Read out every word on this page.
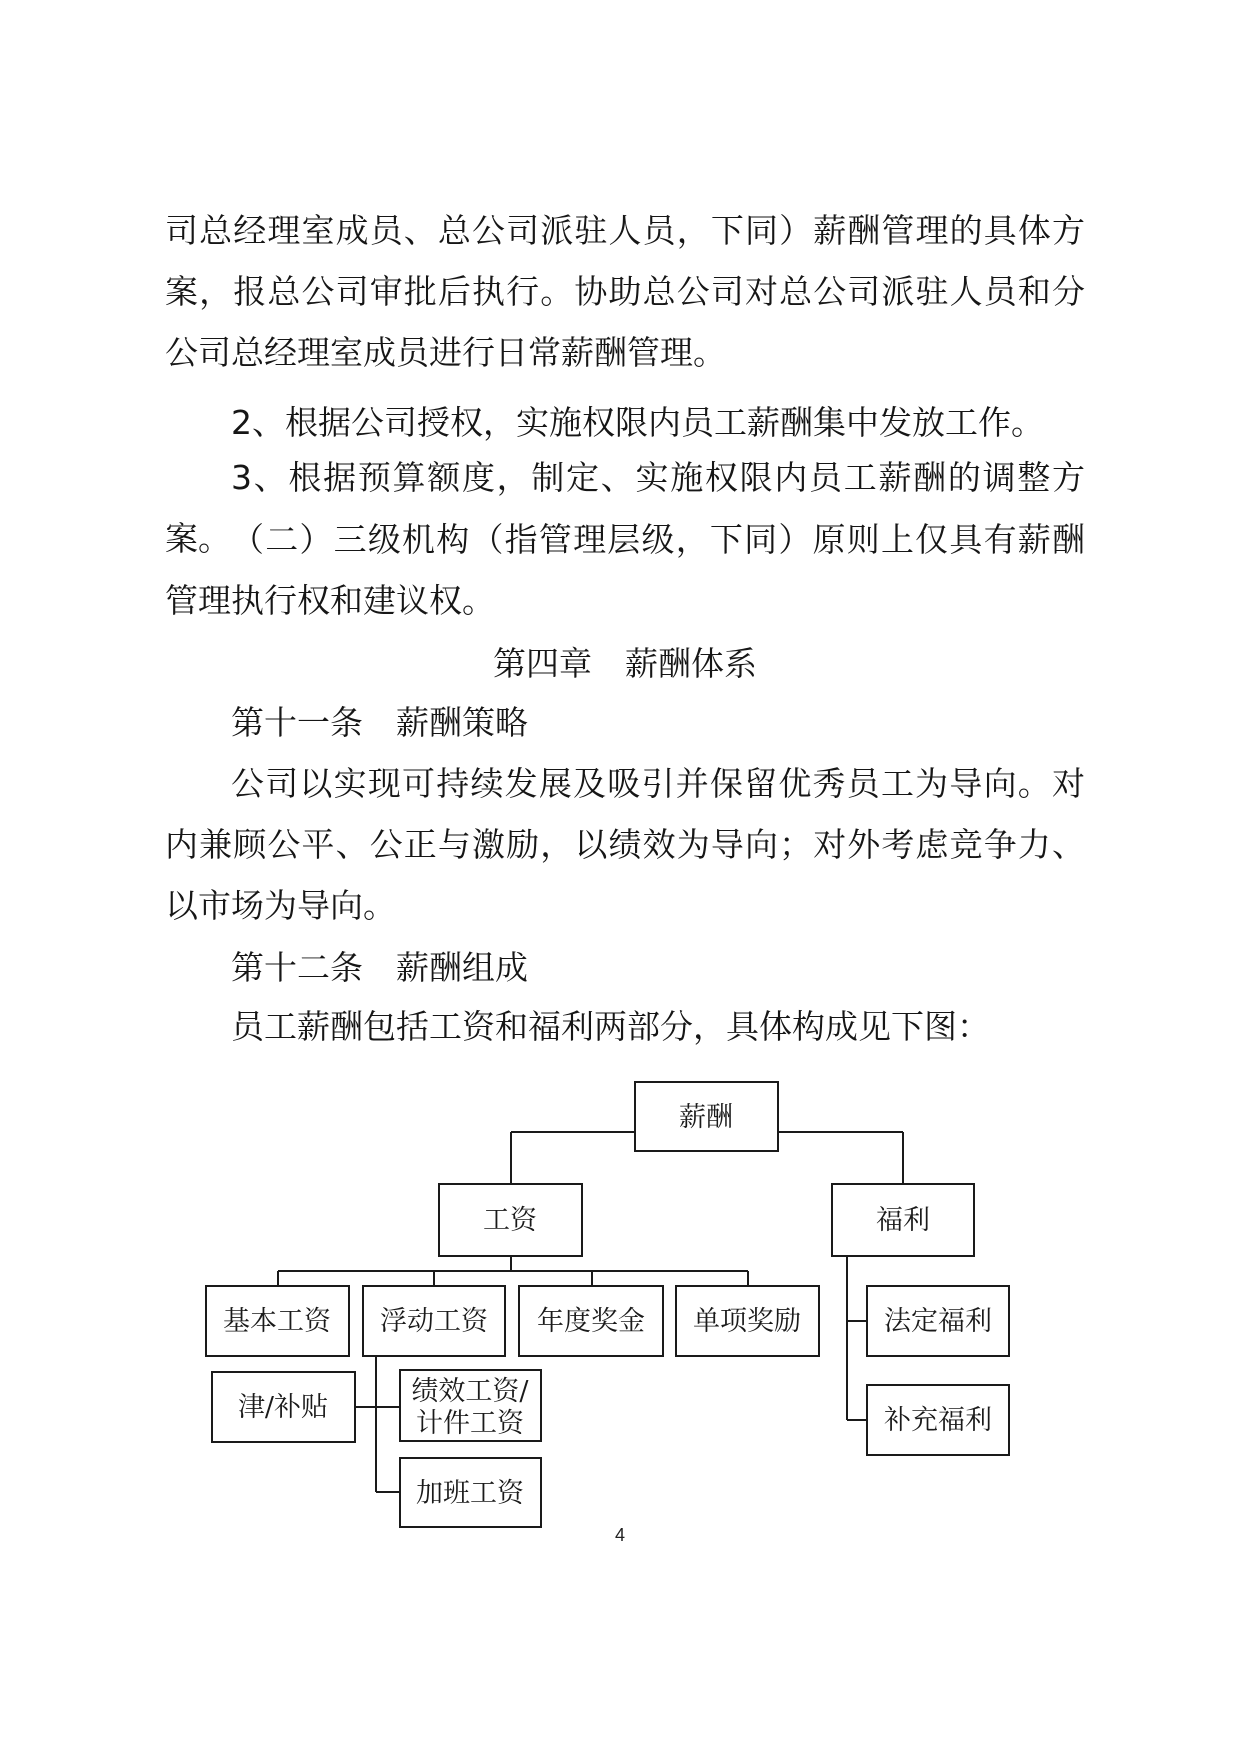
司总经理室成员、总公司派驻人员，下同）薪酬管理的具体方案，报总公司审批后执行。协助总公司对总公司派驻人员和分公司总经理室成员进行日常薪酬管理。

2、根据公司授权，实施权限内员工薪酬集中发放工作。

3、根据预算额度，制定、实施权限内员工薪酬的调整方案。 （二）三级机构（指管理层级，下同）原则上仅具有薪酬管理执行权和建议权。

第四章　薪酬体系

第十一条　薪酬策略

公司以实现可持续发展及吸引并保留优秀员工为导向。对内兼顾公平、公正与激励，以绩效为导向；对外考虑竞争力、以市场为导向。

第十二条　薪酬组成

员工薪酬包括工资和福利两部分，具体构成见下图：

薪酬
工资	福利
基本工资 浮动工资 年度奖金 单项奖励
津/补贴
绩效工资/
计件工资
加班工资
法定福利
补充福利
4
